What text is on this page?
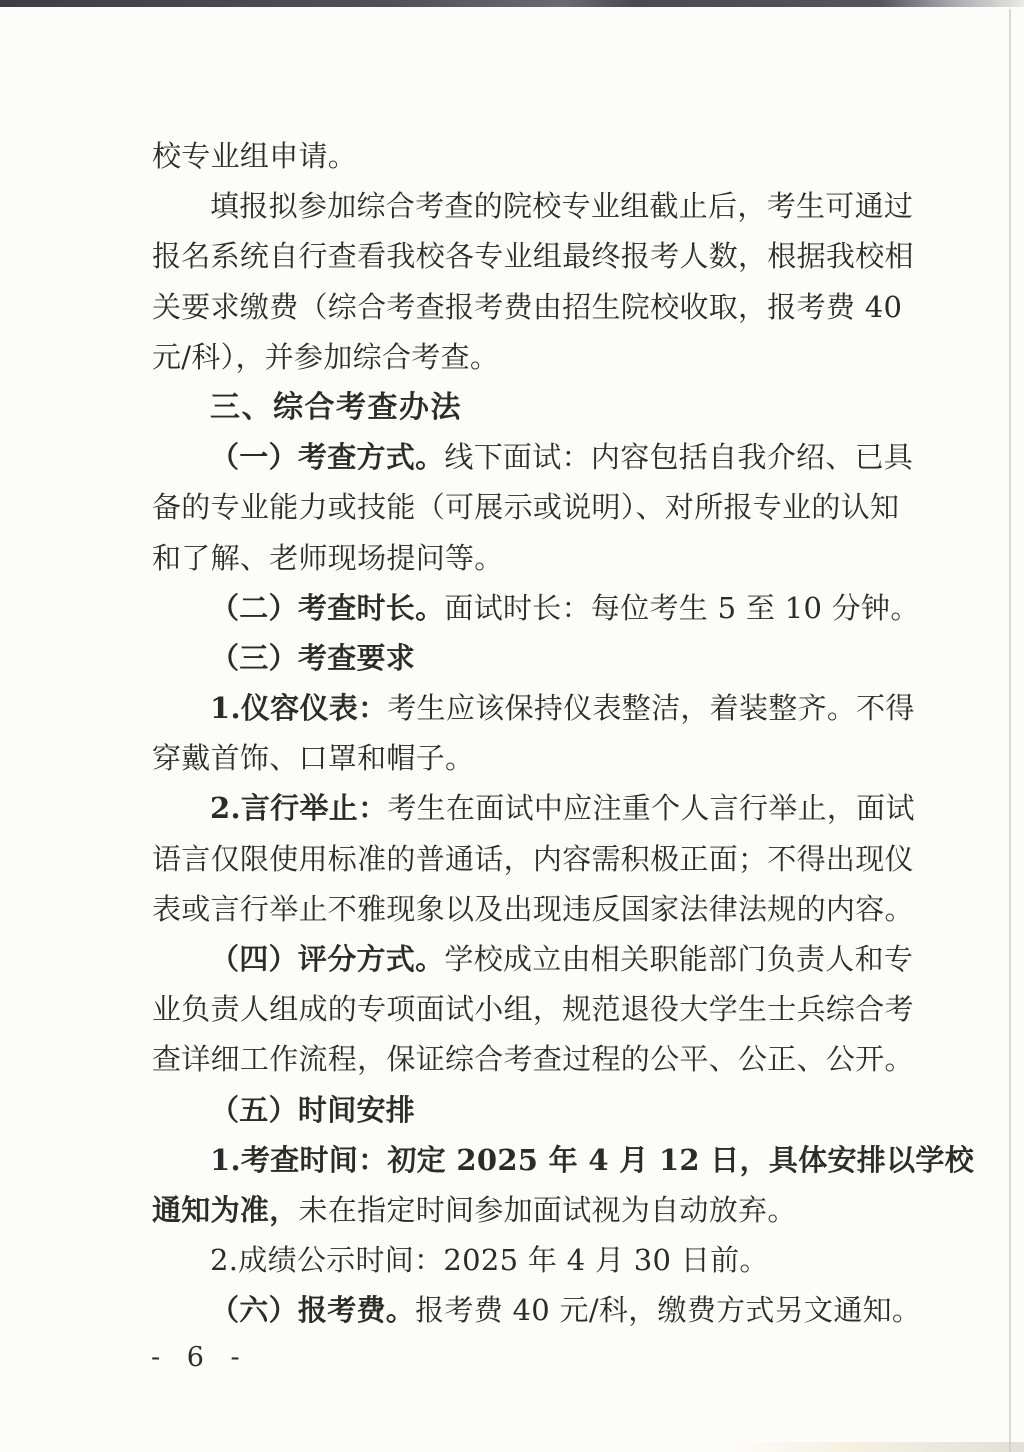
校专业组申请。
填报拟参加综合考查的院校专业组截止后，考生可通过
报名系统自行查看我校各专业组最终报考人数，根据我校相
关要求缴费（综合考查报考费由招生院校收取，报考费 40
元/科），并参加综合考查。
三、综合考查办法
（一）考查方式。线下面试：内容包括自我介绍、已具
备的专业能力或技能（可展示或说明）、对所报专业的认知
和了解、老师现场提问等。
（二）考查时长。面试时长：每位考生 5 至 10 分钟。
（三）考查要求
1.仪容仪表：考生应该保持仪表整洁，着装整齐。不得
穿戴首饰、口罩和帽子。
2.言行举止：考生在面试中应注重个人言行举止，面试
语言仅限使用标准的普通话，内容需积极正面；不得出现仪
表或言行举止不雅现象以及出现违反国家法律法规的内容。
（四）评分方式。学校成立由相关职能部门负责人和专
业负责人组成的专项面试小组，规范退役大学生士兵综合考
查详细工作流程，保证综合考查过程的公平、公正、公开。
（五）时间安排
1.考查时间：初定 2025 年 4 月 12 日，具体安排以学校
通知为准，未在指定时间参加面试视为自动放弃。
2.成绩公示时间：2025 年 4 月 30 日前。
（六）报考费。报考费 40 元/科，缴费方式另文通知。
- 6 -
